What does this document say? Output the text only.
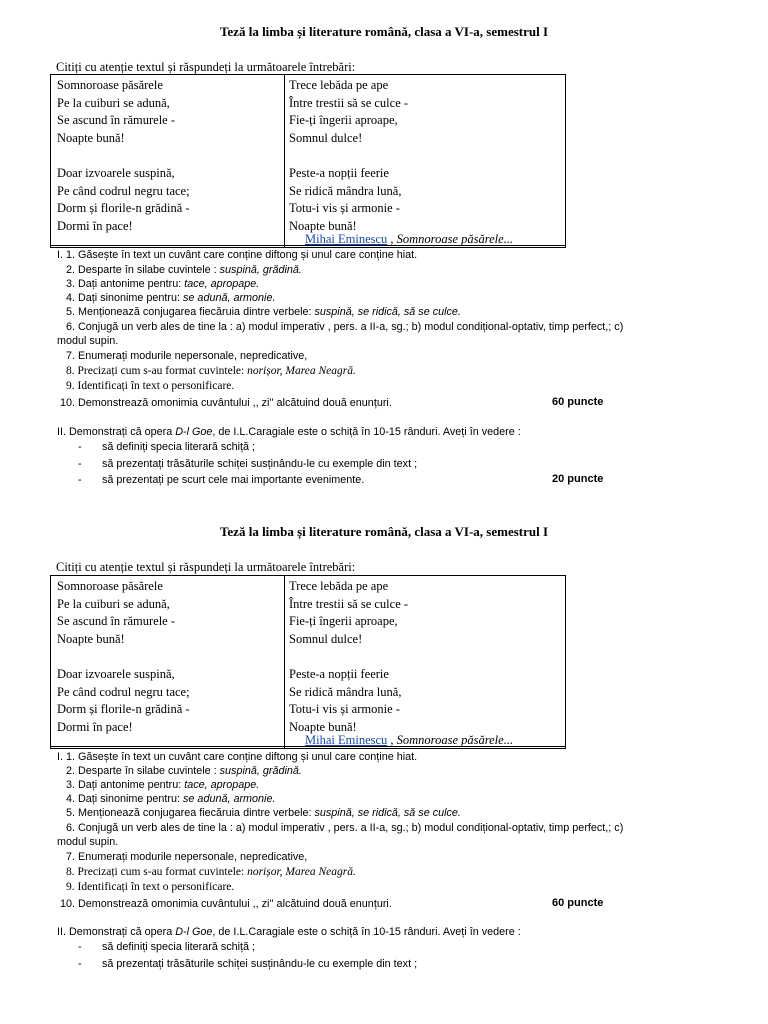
Teză la limba și literature română, clasa a VI-a, semestrul I
Citiți cu atenție textul și răspundeți la următoarele întrebări:
Somnoroase păsărele
Pe la cuiburi se adună,
Se ascund în rămurele -
Noapte bună!
Doar izvoarele suspină,
Pe când codrul negru tace;
Dorm și florile-n grădină -
Dormi în pace!
Trece lebăda pe ape
Între trestii să se culce -
Fie-ți îngerii aproape,
Somnul dulce!
Peste-a nopții feerie
Se ridică mândra lună,
Totu-i vis și armonie -
Noapte bună!
Mihai Eminescu , Somnoroase păsărele...
I. 1. Găsește în text un cuvânt care conține diftong și unul care conține hiat.
2. Desparte în silabe cuvintele : suspină, grădină.
3. Dați antonime pentru: tace, apropape.
4. Dați sinonime pentru: se adună, armonie.
5. Menționează conjugarea fiecăruia dintre verbele: suspină, se ridică, să se culce.
6. Conjugă un verb ales de tine la : a) modul imperativ , pers. a II-a, sg.; b) modul condițional-optativ, timp perfect,; c)
modul supin.
7. Enumerați modurile nepersonale, nepredicative,
8. Precizați cum s-au format cuvintele: norișor, Marea Neagră.
9. Identificați în text o personificare.
10. Demonstrează omonimia cuvântului ,, zi'' alcătuind două enunțuri.	60 puncte
II. Demonstrați că opera D-l Goe, de I.L.Caragiale este o schiță în 10-15 rânduri. Aveți în vedere :
- să definiți specia literară schiță ;
- să prezentați trăsăturile schiței susținându-le cu exemple din text ;
- să prezentați pe scurt cele mai importante evenimente.	20 puncte
Teză la limba și literature română, clasa a VI-a, semestrul I
Citiți cu atenție textul și răspundeți la următoarele întrebări:
Somnoroase păsărele
Pe la cuiburi se adună,
Se ascund în rămurele -
Noapte bună!
Doar izvoarele suspină,
Pe când codrul negru tace;
Dorm și florile-n grădină -
Dormi în pace!
Trece lebăda pe ape
Între trestii să se culce -
Fie-ți îngerii aproape,
Somnul dulce!
Peste-a nopții feerie
Se ridică mândra lună,
Totu-i vis și armonie -
Noapte bună!
Mihai Eminescu , Somnoroase păsărele...
I. 1. Găsește în text un cuvânt care conține diftong și unul care conține hiat.
2. Desparte în silabe cuvintele : suspină, grădină.
3. Dați antonime pentru: tace, apropape.
4. Dați sinonime pentru: se adună, armonie.
5. Menționează conjugarea fiecăruia dintre verbele: suspină, se ridică, să se culce.
6. Conjugă un verb ales de tine la : a) modul imperativ , pers. a II-a, sg.; b) modul condițional-optativ, timp perfect,; c)
modul supin.
7. Enumerați modurile nepersonale, nepredicative,
8. Precizați cum s-au format cuvintele: norișor, Marea Neagră.
9. Identificați în text o personificare.
10. Demonstrează omonimia cuvântului ,, zi'' alcătuind două enunțuri.	60 puncte
II. Demonstrați că opera D-l Goe, de I.L.Caragiale este o schiță în 10-15 rânduri. Aveți în vedere :
- să definiți specia literară schiță ;
- să prezentați trăsăturile schiței susținându-le cu exemple din text ;
